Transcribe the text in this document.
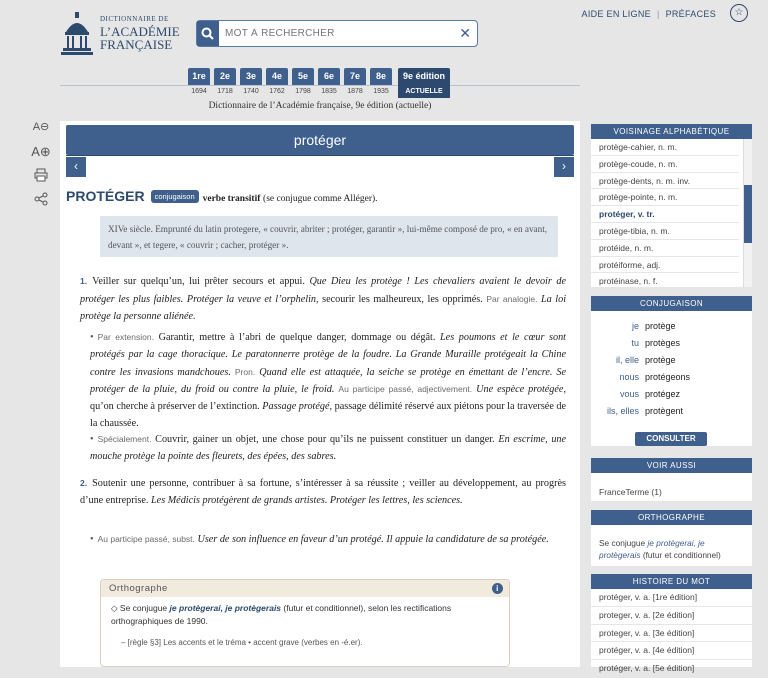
DICTIONNAIRE DE
L’ACADÉMIE
FRANÇAISE
MOT À RECHERCHER
✕
AIDE EN LIGNE | PRÉFACES	☆
1re
1694
2e
1718
3e
1740
4e
1762
5e
1798
6e
1835
7e
1878
8e
1935
9e édition
ACTUELLE
Dictionnaire de l’Académie française, 9e édition (actuelle)
A⊖
A⊕
protéger
‹	›
PROTÉGER conjugaison verbe transitif (se conjugue comme Alléger).
XIVe siècle. Emprunté du latin protegere, « couvrir, abriter ; protéger, garantir », lui-même composé de pro, « en avant, devant », et tegere, « couvrir ; cacher, protéger ».
1. Veiller sur quelqu’un, lui prêter secours et appui. Que Dieu les protège ! Les chevaliers avaient le devoir de protéger les plus faibles. Protéger la veuve et l’orphelin, secourir les malheureux, les opprimés. Par analogie. La loi protège la personne aliénée.
• Par extension. Garantir, mettre à l’abri de quelque danger, dommage ou dégât. Les poumons et le cœur sont protégés par la cage thoracique. Le paratonnerre protège de la foudre. La Grande Muraille protégeait la Chine contre les invasions mandchoues. Pron. Quand elle est attaquée, la seiche se protège en émettant de l’encre. Se protéger de la pluie, du froid ou contre la pluie, le froid. Au participe passé, adjectivement. Une espèce protégée, qu’on cherche à préserver de l’extinction. Passage protégé, passage délimité réservé aux piétons pour la traversée de la chaussée.
• Spécialement. Couvrir, gainer un objet, une chose pour qu’ils ne puissent constituer un danger. En escrime, une mouche protège la pointe des fleurets, des épées, des sabres.
2. Soutenir une personne, contribuer à sa fortune, s’intéresser à sa réussite ; veiller au développement, au progrès d’une entreprise. Les Médicis protégèrent de grands artistes. Protéger les lettres, les sciences.
• Au participe passé, subst. User de son influence en faveur d’un protégé. Il appuie la candidature de sa protégée.
Orthographe	i
◇ Se conjugue je protègerai, je protègerais (futur et conditionnel), selon les rectifications orthographiques de 1990.
– [règle §3] Les accents et le tréma • accent grave (verbes en -é.er).
VOISINAGE ALPHABÉTIQUE
protège-cahier, n. m.
protège-coude, n. m.
protège-dents, n. m. inv.
protège-pointe, n. m.
protéger, v. tr.
protège-tibia, n. m.
protéide, n. m.
protéiforme, adj.
protéinase, n. f.
CONJUGAISON
je protège
tu protèges
il, elle protège
nous protégeons
vous protégez
ils, elles protègent
CONSULTER
VOIR AUSSI
FranceTerme (1)
ORTHOGRAPHE
Se conjugue je protègerai, je protègerais (futur et conditionnel)
HISTOIRE DU MOT
protéger, v. a. [1re édition]
proteger, v. a. [2e édition]
proteger, v. a. [3e édition]
protéger, v. a. [4e édition]
protéger, v. a. [5e édition]
